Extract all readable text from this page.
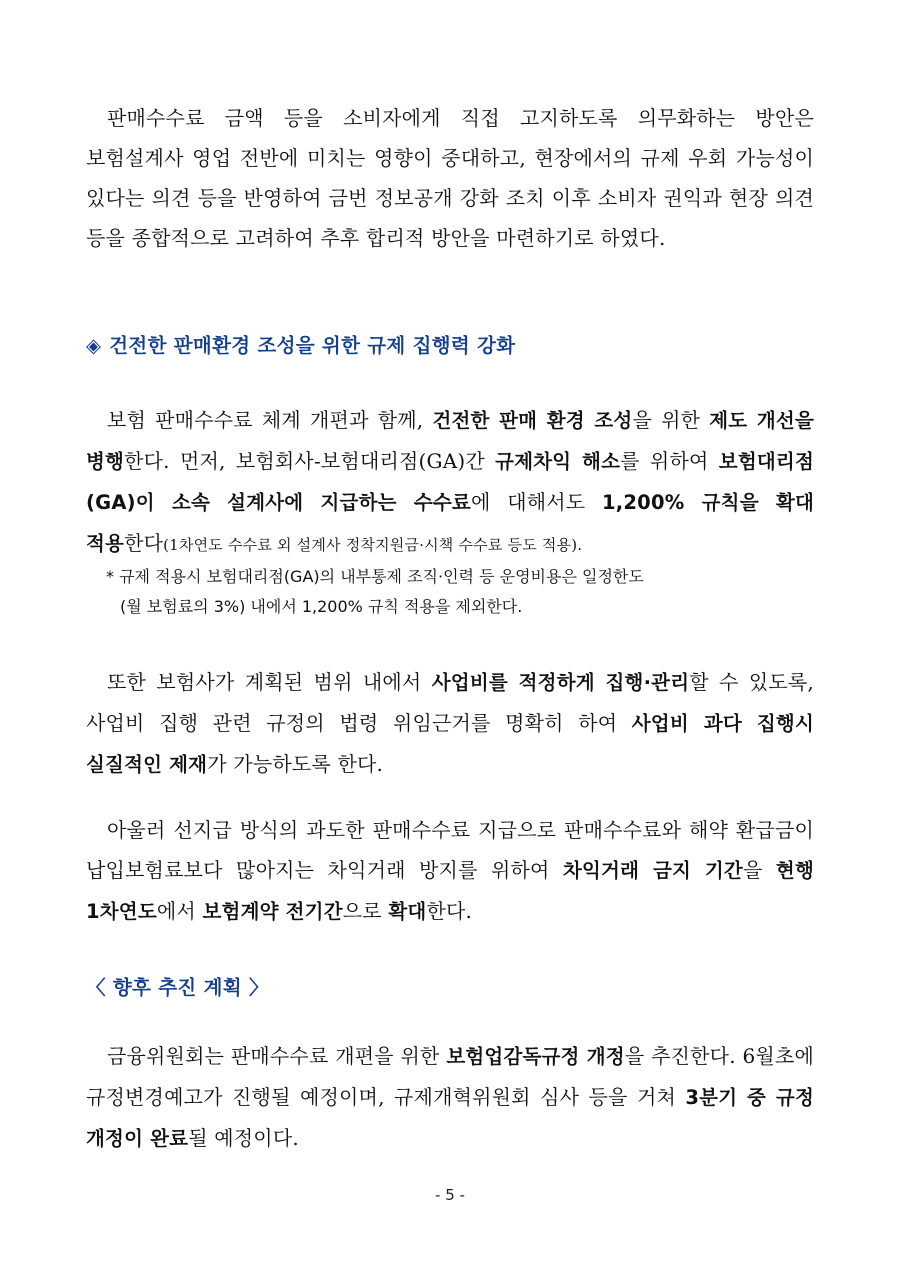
판매수수료 금액 등을 소비자에게 직접 고지하도록 의무화하는 방안은 보험설계사 영업 전반에 미치는 영향이 중대하고, 현장에서의 규제 우회 가능성이 있다는 의견 등을 반영하여 금번 정보공개 강화 조치 이후 소비자 권익과 현장 의견 등을 종합적으로 고려하여 추후 합리적 방안을 마련하기로 하였다.

◈ 건전한 판매환경 조성을 위한 규제 집행력 강화

보험 판매수수료 체계 개편과 함께, 건전한 판매 환경 조성을 위한 제도 개선을 병행한다. 먼저, 보험회사-보험대리점(GA)간 규제차익 해소를 위하여 보험대리점(GA)이 소속 설계사에 지급하는 수수료에 대해서도 1,200% 규칙을 확대 적용한다(1차연도 수수료 외 설계사 정착지원금·시책 수수료 등도 적용).

* 규제 적용시 보험대리점(GA)의 내부통제 조직·인력 등 운영비용은 일정한도
(월 보험료의 3%) 내에서 1,200% 규칙 적용을 제외한다.

또한 보험사가 계획된 범위 내에서 사업비를 적정하게 집행·관리할 수 있도록, 사업비 집행 관련 규정의 법령 위임근거를 명확히 하여 사업비 과다 집행시 실질적인 제재가 가능하도록 한다.

아울러 선지급 방식의 과도한 판매수수료 지급으로 판매수수료와 해약 환급금이 납입보험료보다 많아지는 차익거래 방지를 위하여 차익거래 금지 기간을 현행 1차연도에서 보험계약 전기간으로 확대한다.

〈 향후 추진 계획 〉

금융위원회는 판매수수료 개편을 위한 보험업감독규정 개정을 추진한다. 6월초에 규정변경예고가 진행될 예정이며, 규제개혁위원회 심사 등을 거쳐 3분기 중 규정 개정이 완료될 예정이다.

- 5 -
